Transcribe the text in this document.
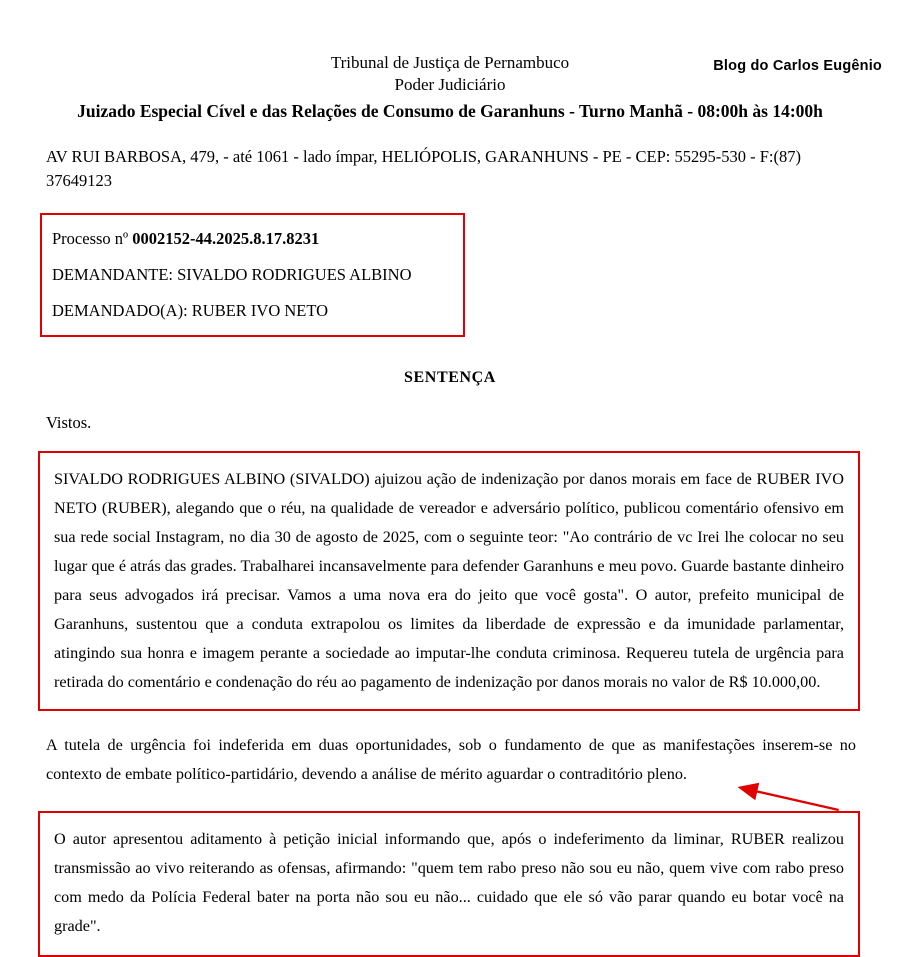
Blog do Carlos Eugênio
Tribunal de Justiça de Pernambuco
Poder Judiciário
Juizado Especial Cível e das Relações de Consumo de Garanhuns - Turno Manhã - 08:00h às 14:00h
AV RUI BARBOSA, 479, - até 1061 - lado ímpar, HELIÓPOLIS, GARANHUNS - PE - CEP: 55295-530 - F:(87) 37649123

Processo nº 0002152-44.2025.8.17.8231

DEMANDANTE: SIVALDO RODRIGUES ALBINO

DEMANDADO(A): RUBER IVO NETO

SENTENÇA
Vistos.

SIVALDO RODRIGUES ALBINO (SIVALDO) ajuizou ação de indenização por danos morais em face de RUBER IVO NETO (RUBER), alegando que o réu, na qualidade de vereador e adversário político, publicou comentário ofensivo em sua rede social Instagram, no dia 30 de agosto de 2025, com o seguinte teor: "Ao contrário de vc Irei lhe colocar no seu lugar que é atrás das grades. Trabalharei incansavelmente para defender Garanhuns e meu povo. Guarde bastante dinheiro para seus advogados irá precisar. Vamos a uma nova era do jeito que você gosta". O autor, prefeito municipal de Garanhuns, sustentou que a conduta extrapolou os limites da liberdade de expressão e da imunidade parlamentar, atingindo sua honra e imagem perante a sociedade ao imputar-lhe conduta criminosa. Requereu tutela de urgência para retirada do comentário e condenação do réu ao pagamento de indenização por danos morais no valor de R$ 10.000,00.

A tutela de urgência foi indeferida em duas oportunidades, sob o fundamento de que as manifestações inserem-se no contexto de embate político-partidário, devendo a análise de mérito aguardar o contraditório pleno.

O autor apresentou aditamento à petição inicial informando que, após o indeferimento da liminar, RUBER realizou transmissão ao vivo reiterando as ofensas, afirmando: "quem tem rabo preso não sou eu não, quem vive com rabo preso com medo da Polícia Federal bater na porta não sou eu não... cuidado que ele só vão parar quando eu botar você na grade".
